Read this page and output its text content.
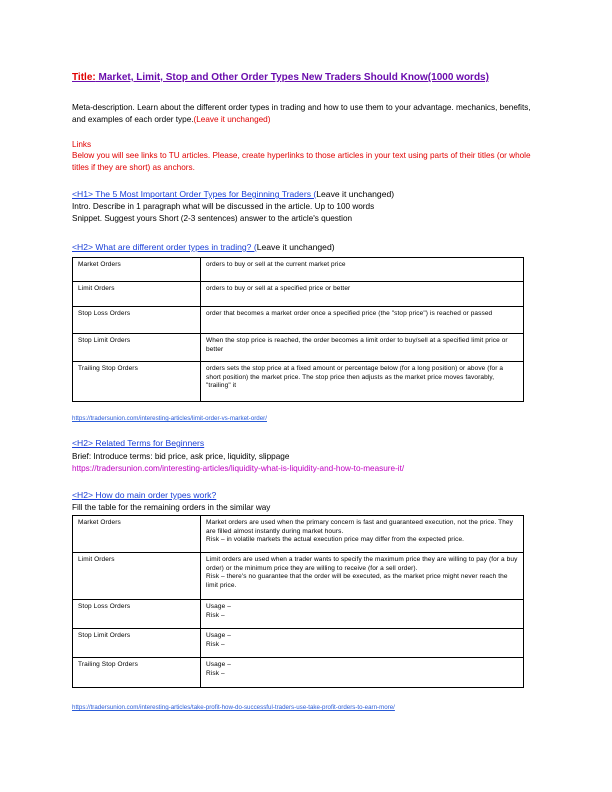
Title: Market, Limit, Stop and Other Order Types New Traders Should Know(1000 words)
Meta-description. Learn about the different order types in trading and how to use them to your advantage. mechanics, benefits, and examples of each order type.(Leave it unchanged)
Links
Below you will see links to TU articles. Please, create hyperlinks to those articles in your text using parts of their titles (or whole titles if they are short) as anchors.
<H1> The 5 Most Important Order Types for Beginning Traders (Leave it unchanged)
Intro. Describe in 1 paragraph what will be discussed in the article. Up to 100 words
Snippet. Suggest yours Short (2-3 sentences) answer to the article's question
<H2> What are different order types in trading? (Leave it unchanged)
Market Orders	orders to buy or sell at the current market price
Limit Orders	orders to buy or sell at a specified price or better
Stop Loss Orders	order that becomes a market order once a specified price (the "stop price") is reached or passed
Stop Limit Orders	When the stop price is reached, the order becomes a limit order to buy/sell at a specified limit price or better
Trailing Stop Orders	orders sets the stop price at a fixed amount or percentage below (for a long position) or above (for a short position) the market price. The stop price then adjusts as the market price moves favorably, "trailing" it
https://tradersunion.com/interesting-articles/limit-order-vs-market-order/
<H2> Related Terms for Beginners
Brief: Introduce terms: bid price, ask price, liquidity, slippage
https://tradersunion.com/interesting-articles/liquidity-what-is-liquidity-and-how-to-measure-it/
<H2> How do main order types work?
Fill the table for the remaining orders in the similar way
Market Orders	Market orders are used when the primary concern is fast and guaranteed execution, not the price. They are filled almost instantly during market hours.
Risk – in volatile markets the actual execution price may differ from the expected price.
Limit Orders	Limit orders are used when a trader wants to specify the maximum price they are willing to pay (for a buy order) or the minimum price they are willing to receive (for a sell order).
Risk – there's no guarantee that the order will be executed, as the market price might never reach the limit price.
Stop Loss Orders	Usage –
Risk –
Stop Limit Orders	Usage –
Risk –
Trailing Stop Orders	Usage –
Risk –
https://tradersunion.com/interesting-articles/take-profit-how-do-successful-traders-use-take-profit-orders-to-earn-more/
